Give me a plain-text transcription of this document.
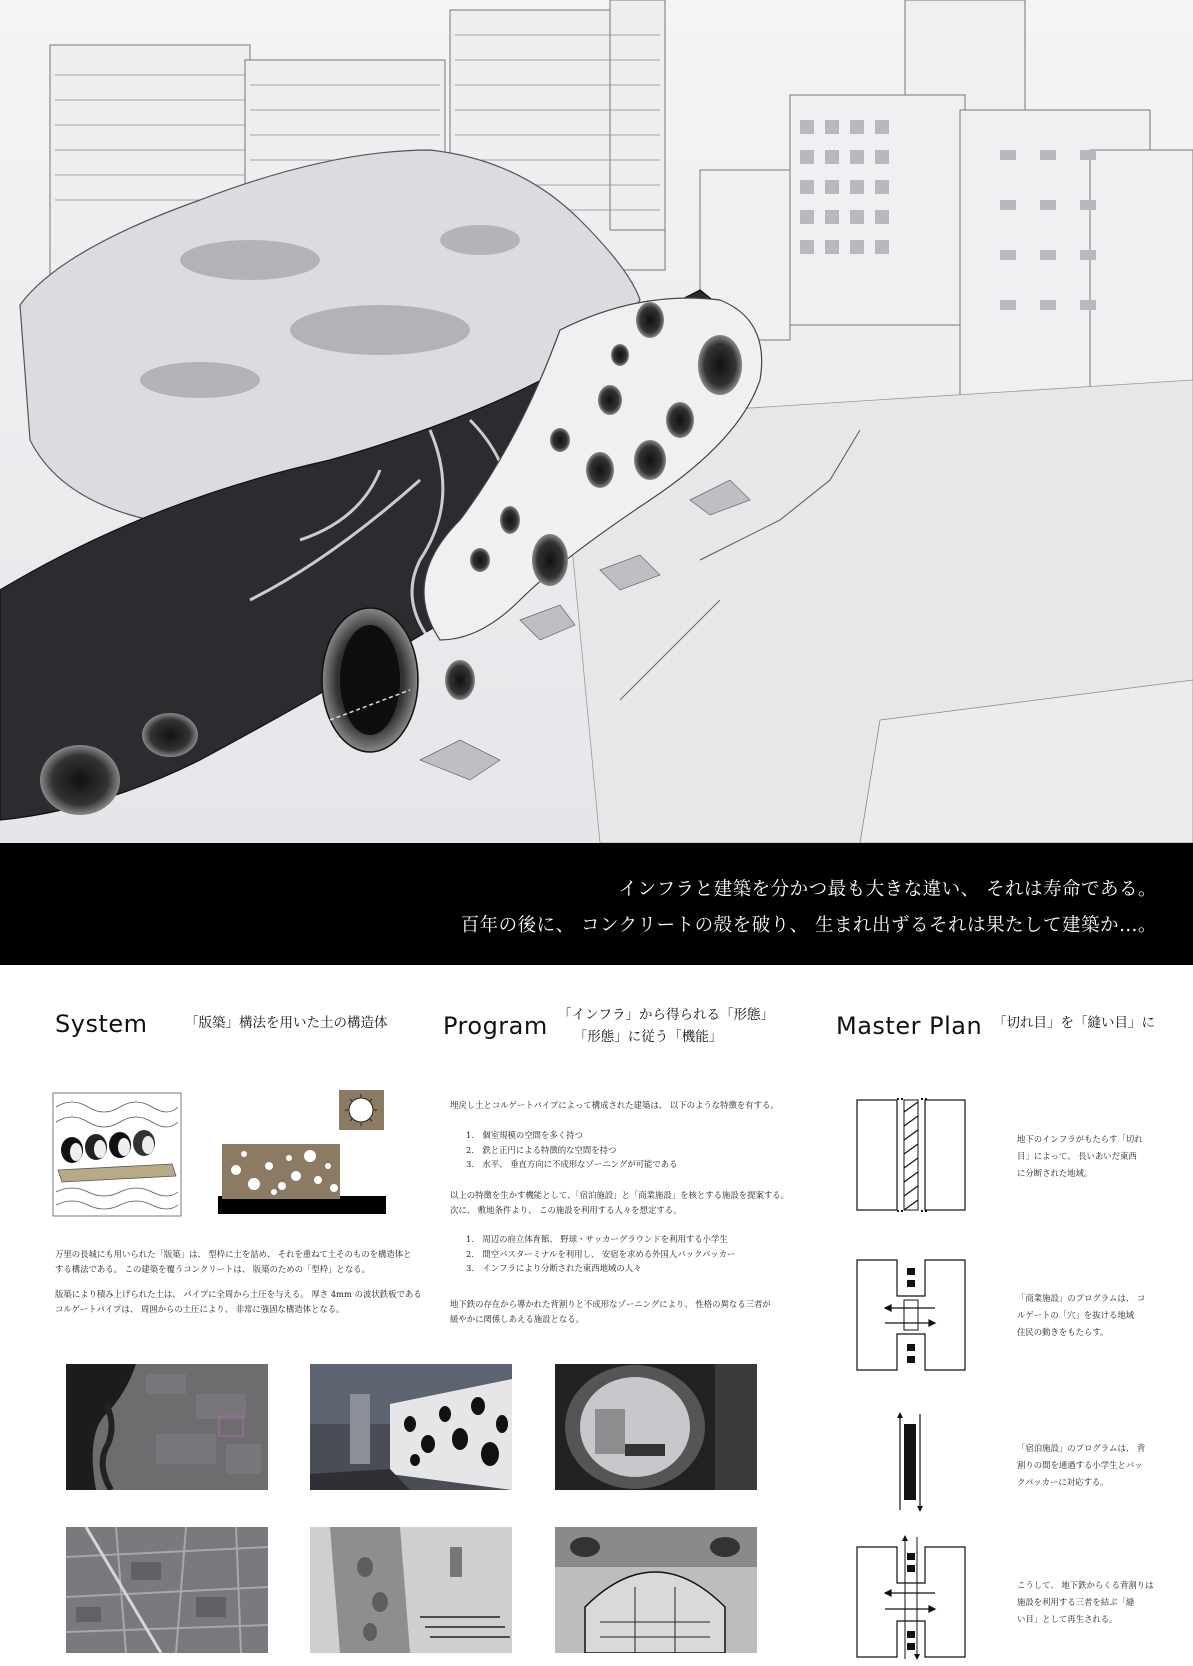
インフラと建築を分かつ最も大きな違い、 それは寿命である。
百年の後に、 コンクリートの殻を破り、 生まれ出ずるそれは果たして建築か…。
System	「版築」構法を用いた土の構造体
万里の長城にも用いられた「版築」は、 型枠に土を詰め、 それを重ねて土そのものを構造体と
する構法である。 この建築を覆うコンクリートは、 版築のための「型枠」となる。
版築により積み上げられた土は、 パイプに全周から土圧を与える。 厚さ 4mm の波状鉄板である
コルゲートパイプは、 周囲からの土圧により、 非常に強固な構造体となる。
Program 「インフラ」から得られる「形態」
「形態」に従う「機能」
埋戻し土とコルゲートパイプによって構成された建築は、 以下のような特徴を有する。
1.　個室規模の空間を多く持つ
2.　鉄と正円による特徴的な空間を持つ
3.　水平、 垂直方向に不成形なゾーニングが可能である
以上の特徴を生かす機能として、「宿泊施設」と「商業施設」を核とする施設を提案する。
次に、 敷地条件より、 この施設を利用する人々を想定する。
1.　周辺の府立体育館、 野球・サッカーグラウンドを利用する小学生
2.　間空バスターミナルを利用し、 安宿を求める外国人バックパッカー
3.　インフラにより分断された東西地域の人々
地下鉄の存在から導かれた背割りと不成形なゾーニングにより、 性格の異なる三者が
緩やかに関係しあえる施設となる。
Master Plan 「切れ目」を「縫い目」に
地下のインフラがもたらす「切れ
目」によって、 長いあいだ東西
に分断された地域。
「商業施設」のプログラムは、 コ
ルゲートの「穴」を抜ける地域
住民の動きをもたらす。
「宿泊施設」のプログラムは、 背
割りの間を通過する小学生とバッ
クパッカーに対応する。
こうして、 地下鉄からくる背割りは
施設を利用する三者を結ぶ「縫
い目」として再生される。
